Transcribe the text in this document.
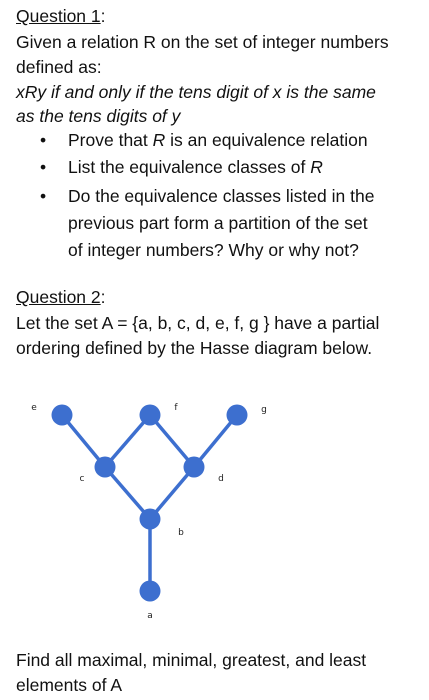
Question 1:
Given a relation R on the set of integer numbers
defined as:
xRy if and only if the tens digit of x is the same
as the tens digits of y
• Prove that R is an equivalence relation
• List the equivalence classes of R
• Do the equivalence classes listed in the
previous part form a partition of the set
of integer numbers? Why or why not?
Question 2:
Let the set A = {a, b, c, d, e, f, g } have a partial
ordering defined by the Hasse diagram below.
e	f	g
c	d
b
a
Find all maximal, minimal, greatest, and least
elements of A
